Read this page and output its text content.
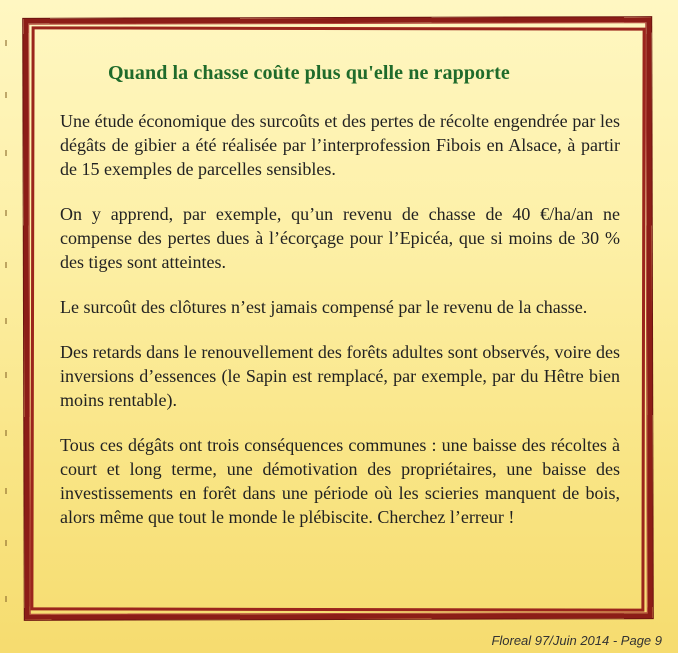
Quand la chasse coûte plus qu'elle ne rapporte

Une étude économique des surcoûts et des pertes de récolte engendrée par les dégâts de gibier a été réalisée par l’interprofession Fibois en Alsace, à partir de 15 exemples de parcelles sensibles.

On y apprend, par exemple, qu’un revenu de chasse de 40 €/ha/an ne compense des pertes dues à l’écorçage pour l’Epicéa, que si moins de 30 % des tiges sont atteintes.

Le surcoût des clôtures n’est jamais compensé par le revenu de la chasse.

Des retards dans le renouvellement des forêts adultes sont observés, voire des inversions d’essences (le Sapin est remplacé, par exemple, par du Hêtre bien moins rentable).

Tous ces dégâts ont trois conséquences communes : une baisse des récoltes à court et long terme, une démotivation des propriétaires, une baisse des investissements en forêt dans une période où les scieries manquent de bois, alors même que tout le monde le plébiscite. Cherchez l’erreur !

Floreal 97/Juin 2014 - Page 9
